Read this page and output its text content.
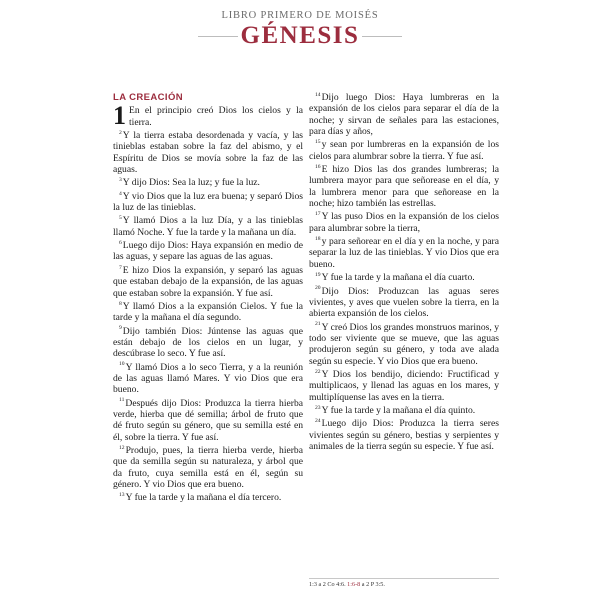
LIBRO PRIMERO DE MOISÉS
GÉNESIS
LA CREACIÓN
1 En el principio creó Dios los cielos y la tierra.
$^2$Y la tierra estaba desordenada y vacía, y las tinieblas estaban sobre la faz del abismo, y el Espíritu de Dios se movía sobre la faz de las aguas.
$^3$Y dijo Dios: Sea la luz; y fue la luz.
$^4$Y vio Dios que la luz era buena; y separó Dios la luz de las tinieblas.
$^5$Y llamó Dios a la luz Día, y a las tinieblas llamó Noche. Y fue la tarde y la mañana un día.
$^6$Luego dijo Dios: Haya expansión en medio de las aguas, y separe las aguas de las aguas.
$^7$E hizo Dios la expansión, y separó las aguas que estaban debajo de la expansión, de las aguas que estaban sobre la expansión. Y fue así.
$^8$Y llamó Dios a la expansión Cielos. Y fue la tarde y la mañana el día segundo.
$^9$Dijo también Dios: Júntense las aguas que están debajo de los cielos en un lugar, y descúbrase lo seco. Y fue así.
$^{10}$Y llamó Dios a lo seco Tierra, y a la reunión de las aguas llamó Mares. Y vio Dios que era bueno.
$^{11}$Después dijo Dios: Produzca la tierra hierba verde, hierba que dé semilla; árbol de fruto que dé fruto según su género, que su semilla esté en él, sobre la tierra. Y fue así.
$^{12}$Produjo, pues, la tierra hierba verde, hierba que da semilla según su naturaleza, y árbol que da fruto, cuya semilla está en él, según su género. Y vio Dios que era bueno.
$^{13}$Y fue la tarde y la mañana el día tercero.
$^{14}$Dijo luego Dios: Haya lumbreras en la expansión de los cielos para separar el día de la noche; y sirvan de señales para las estaciones, para días y años,
$^{15}$y sean por lumbreras en la expansión de los cielos para alumbrar sobre la tierra. Y fue así.
$^{16}$E hizo Dios las dos grandes lumbreras; la lumbrera mayor para que señorease en el día, y la lumbrera menor para que señorease en la noche; hizo también las estrellas.
$^{17}$Y las puso Dios en la expansión de los cielos para alumbrar sobre la tierra,
$^{18}$y para señorear en el día y en la noche, y para separar la luz de las tinieblas. Y vio Dios que era bueno.
$^{19}$Y fue la tarde y la mañana el día cuarto.
$^{20}$Dijo Dios: Produzcan las aguas seres vivientes, y aves que vuelen sobre la tierra, en la abierta expansión de los cielos.
$^{21}$Y creó Dios los grandes monstruos marinos, y todo ser viviente que se mueve, que las aguas produjeron según su género, y toda ave alada según su especie. Y vio Dios que era bueno.
$^{22}$Y Dios los bendijo, diciendo: Fructificad y multiplicaos, y llenad las aguas en los mares, y multiplíquense las aves en la tierra.
$^{23}$Y fue la tarde y la mañana el día quinto.
$^{24}$Luego dijo Dios: Produzca la tierra seres vivientes según su género, bestias y serpientes y animales de la tierra según su especie. Y fue así.
1:3 a 2 Co 4:6. 1:6-8 a 2 P 3:5.
